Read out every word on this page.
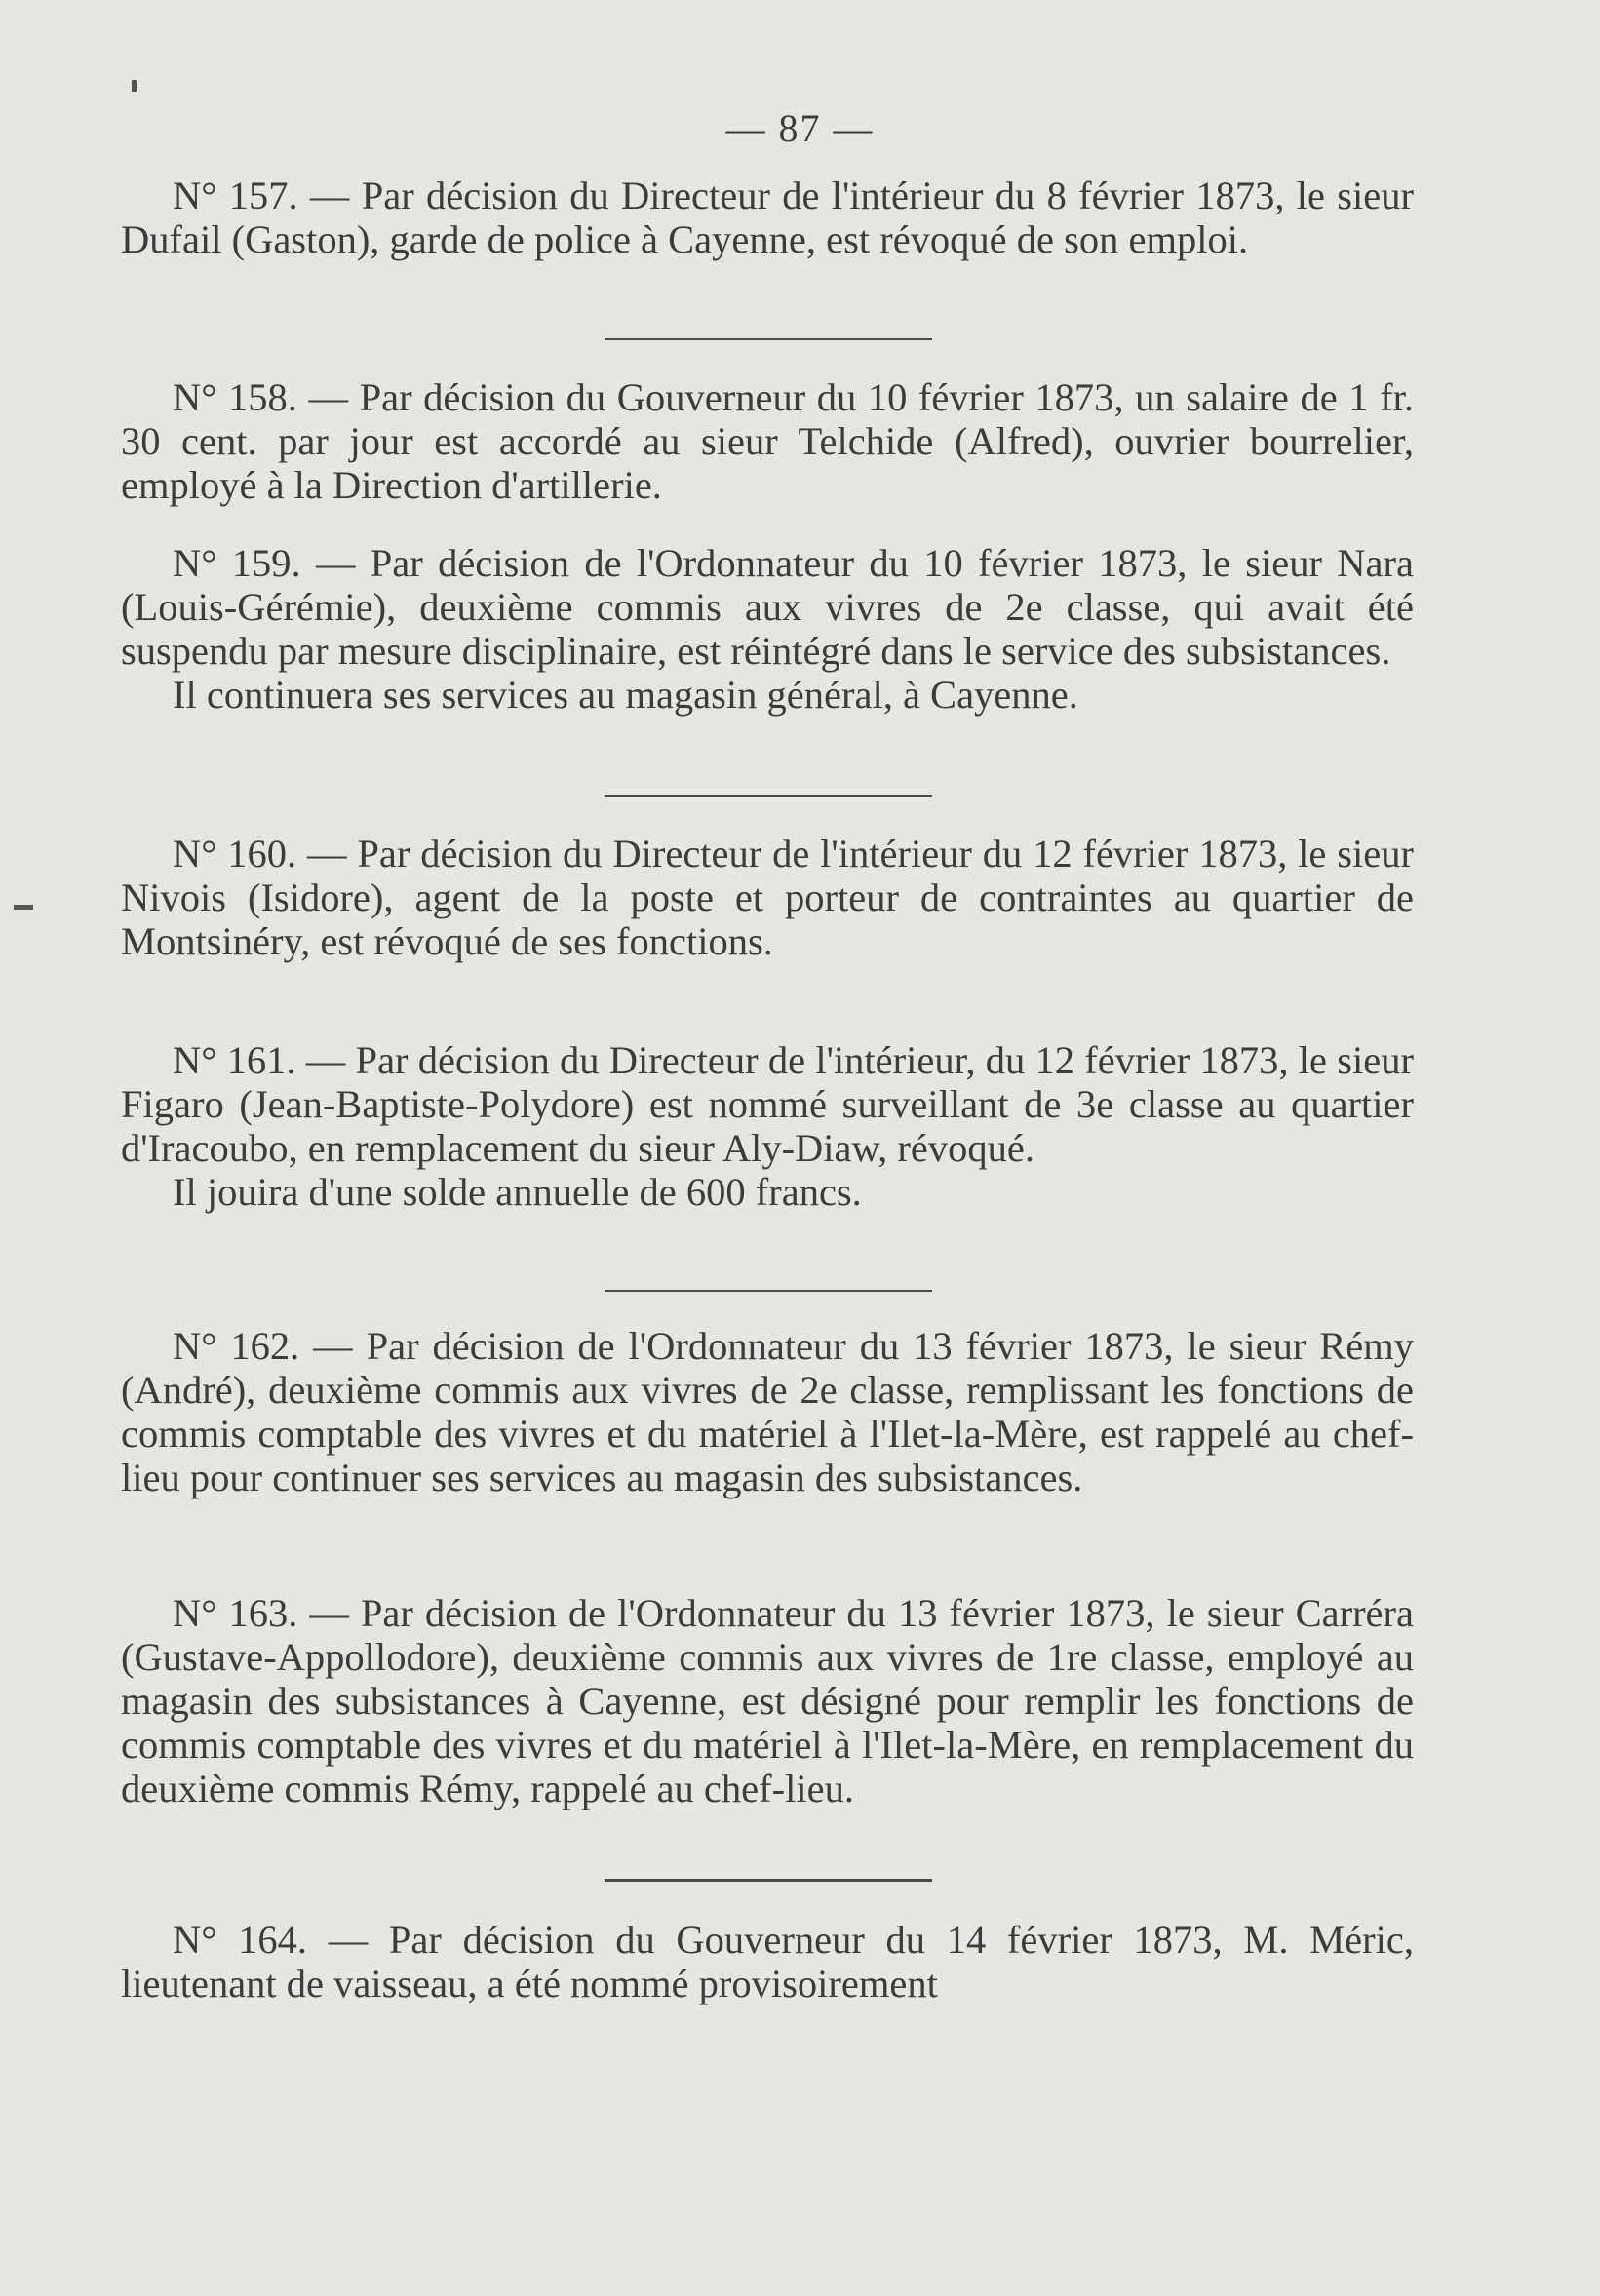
— 87 —

N° 157. — Par décision du Directeur de l'intérieur du 8 février 1873, le sieur Dufail (Gaston), garde de police à Cayenne, est révoqué de son emploi.

N° 158. — Par décision du Gouverneur du 10 février 1873, un salaire de 1 fr. 30 cent. par jour est accordé au sieur Telchide (Alfred), ouvrier bourrelier, employé à la Direction d'artillerie.

N° 159. — Par décision de l'Ordonnateur du 10 février 1873, le sieur Nara (Louis-Gérémie), deuxième commis aux vivres de 2e classe, qui avait été suspendu par mesure disciplinaire, est réintégré dans le service des subsistances.

Il continuera ses services au magasin général, à Cayenne.

N° 160. — Par décision du Directeur de l'intérieur du 12 février 1873, le sieur Nivois (Isidore), agent de la poste et porteur de contraintes au quartier de Montsinéry, est révoqué de ses fonctions.

N° 161. — Par décision du Directeur de l'intérieur, du 12 février 1873, le sieur Figaro (Jean-Baptiste-Polydore) est nommé surveillant de 3e classe au quartier d'Iracoubo, en remplacement du sieur Aly-Diaw, révoqué.

Il jouira d'une solde annuelle de 600 francs.

N° 162. — Par décision de l'Ordonnateur du 13 février 1873, le sieur Rémy (André), deuxième commis aux vivres de 2e classe, remplissant les fonctions de commis comptable des vivres et du matériel à l'Ilet-la-Mère, est rappelé au chef-lieu pour continuer ses services au magasin des subsistances.

N° 163. — Par décision de l'Ordonnateur du 13 février 1873, le sieur Carréra (Gustave-Appollodore), deuxième commis aux vivres de 1re classe, employé au magasin des subsistances à Cayenne, est désigné pour remplir les fonctions de commis comptable des vivres et du matériel à l'Ilet-la-Mère, en remplacement du deuxième commis Rémy, rappelé au chef-lieu.

N° 164. — Par décision du Gouverneur du 14 février 1873, M. Méric, lieutenant de vaisseau, a été nommé provisoirement
